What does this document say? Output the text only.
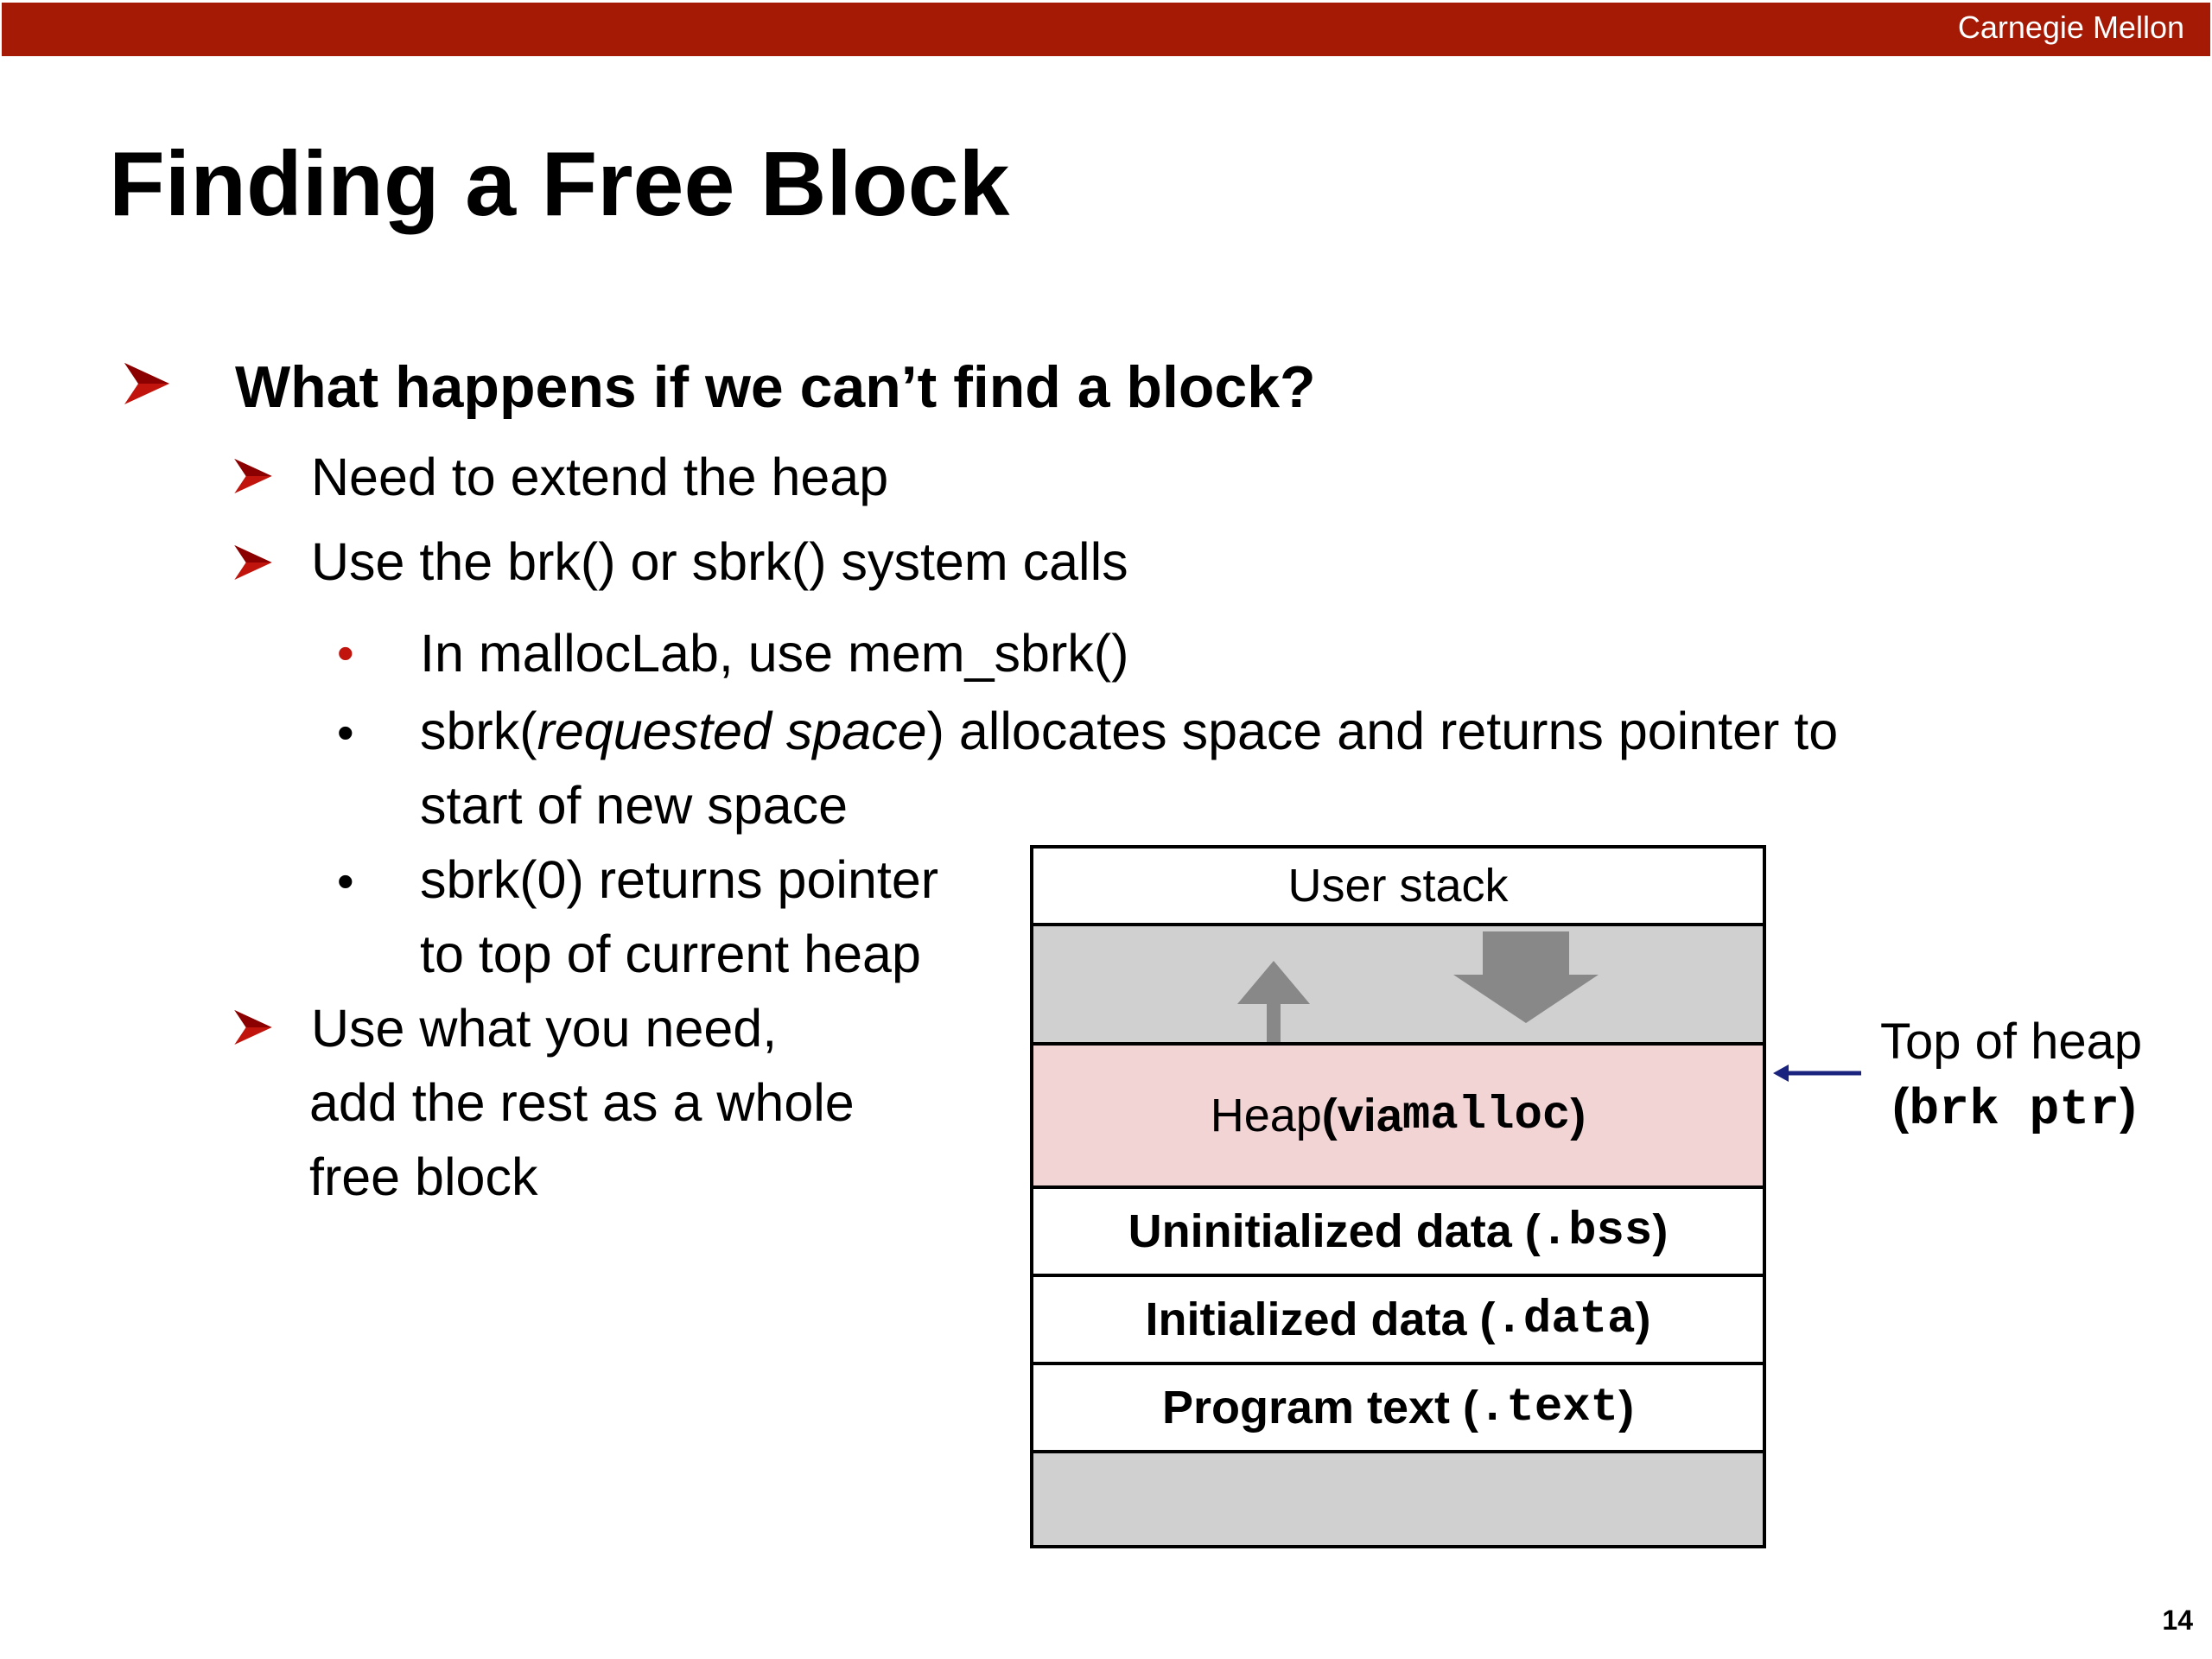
Carnegie Mellon
Finding a Free Block
What happens if we can’t find a block?
Need to extend the heap
Use the brk() or sbrk() system calls
• In mallocLab, use mem_sbrk()
• sbrk(requested space) allocates space and returns pointer to
start of new space
• sbrk(0) returns pointer
to top of current heap
Use what you need,
add the rest as a whole
free block
User stack
Heap (via malloc )
Uninitialized data ( .bss )
Initialized data ( .data )
Program text ( .text )
Top of heap
(brk ptr)
14
